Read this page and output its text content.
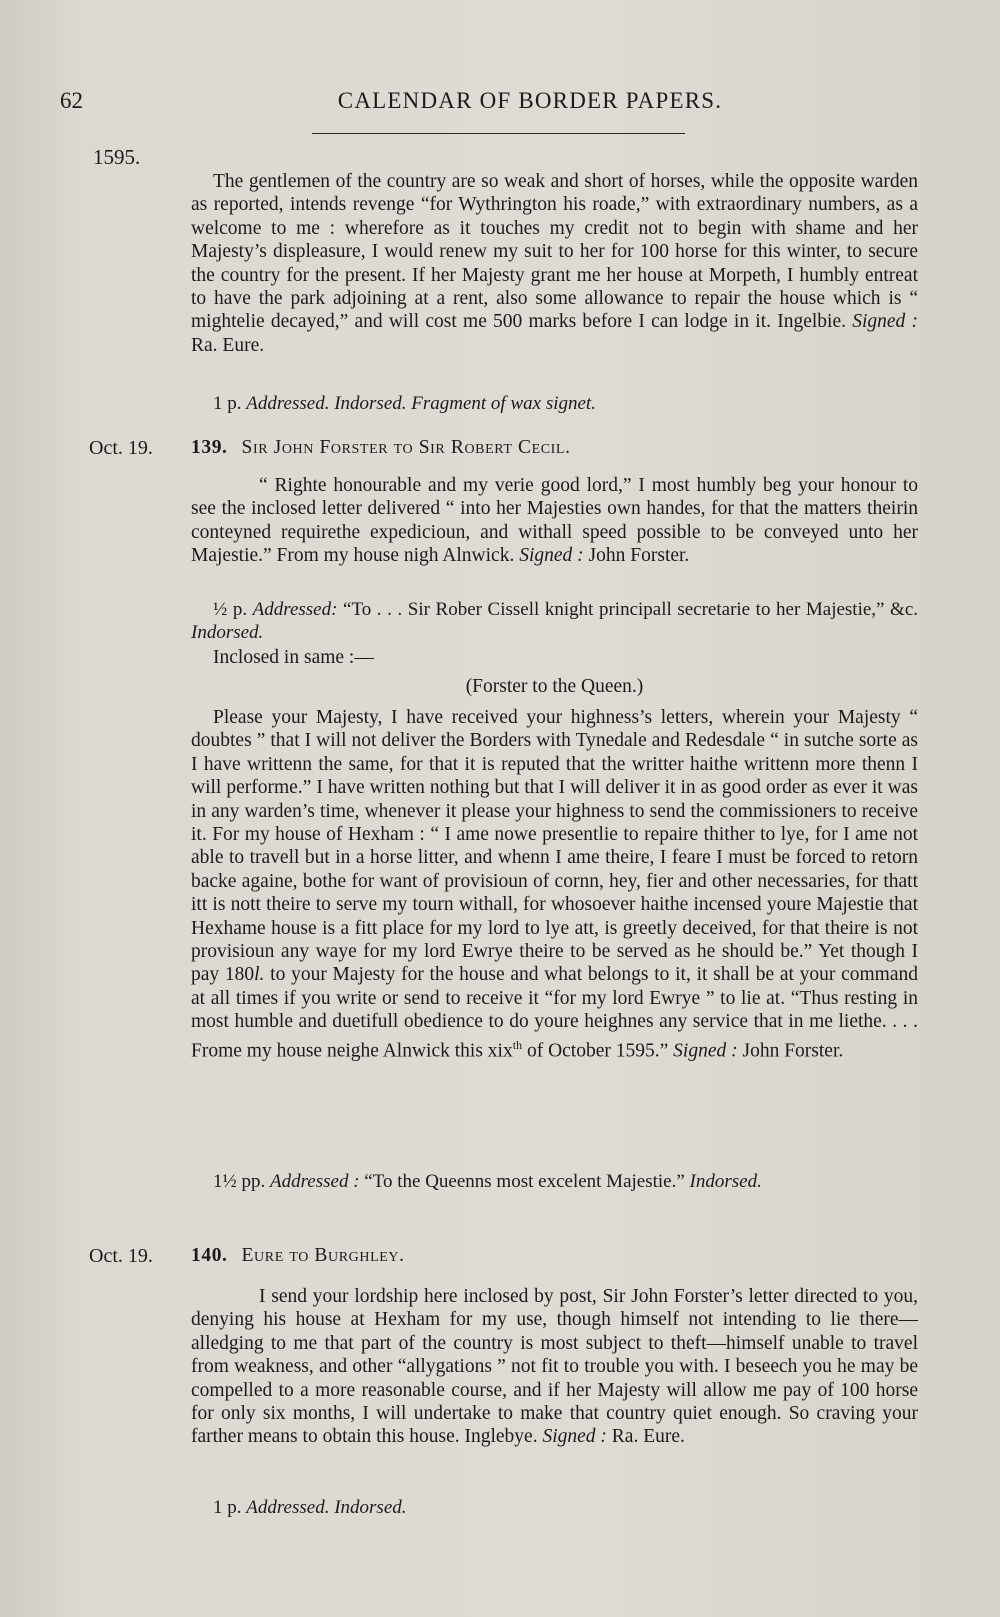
62	CALENDAR OF BORDER PAPERS.
1595.
The gentlemen of the country are so weak and short of horses, while the opposite warden as reported, intends revenge “for Wythrington his roade,” with extraordinary numbers, as a welcome to me : wherefore as it touches my credit not to begin with shame and her Majesty’s displeasure, I would renew my suit to her for 100 horse for this winter, to secure the country for the present. If her Majesty grant me her house at Morpeth, I humbly entreat to have the park adjoining at a rent, also some allowance to repair the house which is “ mightelie decayed,” and will cost me 500 marks before I can lodge in it. Ingelbie. Signed : Ra. Eure.
1 p. Addressed. Indorsed. Fragment of wax signet.
Oct. 19. 139. Sir John Forster to Sir Robert Cecil.
“ Righte honourable and my verie good lord,” I most humbly beg your honour to see the inclosed letter delivered “ into her Majesties own handes, for that the matters theirin conteyned requirethe expedicioun, and withall speed possible to be conveyed unto her Majestie.” From my house nigh Alnwick. Signed : John Forster.
½ p. Addressed: “To . . . Sir Rober Cissell knight principall secretarie to her Majestie,” &c. Indorsed.
Inclosed in same :—
(Forster to the Queen.)
Please your Majesty, I have received your highness’s letters, wherein your Majesty “ doubtes ” that I will not deliver the Borders with Tynedale and Redesdale “ in sutche sorte as I have writtenn the same, for that it is reputed that the writter haithe writtenn more thenn I will performe.” I have written nothing but that I will deliver it in as good order as ever it was in any warden’s time, whenever it please your highness to send the commissioners to receive it. For my house of Hexham : “ I ame nowe presentlie to repaire thither to lye, for I ame not able to travell but in a horse litter, and whenn I ame theire, I feare I must be forced to retorn backe againe, bothe for want of provisioun of cornn, hey, fier and other necessaries, for thatt itt is nott theire to serve my tourn withall, for whosoever haithe incensed youre Majestie that Hexhame house is a fitt place for my lord to lye att, is greetly deceived, for that theire is not provisioun any waye for my lord Ewrye theire to be served as he should be.” Yet though I pay 180l. to your Majesty for the house and what belongs to it, it shall be at your command at all times if you write or send to receive it “for my lord Ewrye ” to lie at. “Thus resting in most humble and duetifull obedience to do youre heighnes any service that in me liethe. . . . Frome my house neighe Alnwick this xix$^{th}$ of October 1595.” Signed : John Forster.
1½ pp. Addressed : “To the Queenns most excelent Majestie.” Indorsed.
Oct. 19. 140. Eure to Burghley.
I send your lordship here inclosed by post, Sir John Forster’s letter directed to you, denying his house at Hexham for my use, though himself not intending to lie there—alledging to me that part of the country is most subject to theft—himself unable to travel from weakness, and other “allygations ” not fit to trouble you with. I beseech you he may be compelled to a more reasonable course, and if her Majesty will allow me pay of 100 horse for only six months, I will undertake to make that country quiet enough. So craving your farther means to obtain this house. Inglebye. Signed : Ra. Eure.
1 p. Addressed. Indorsed.
